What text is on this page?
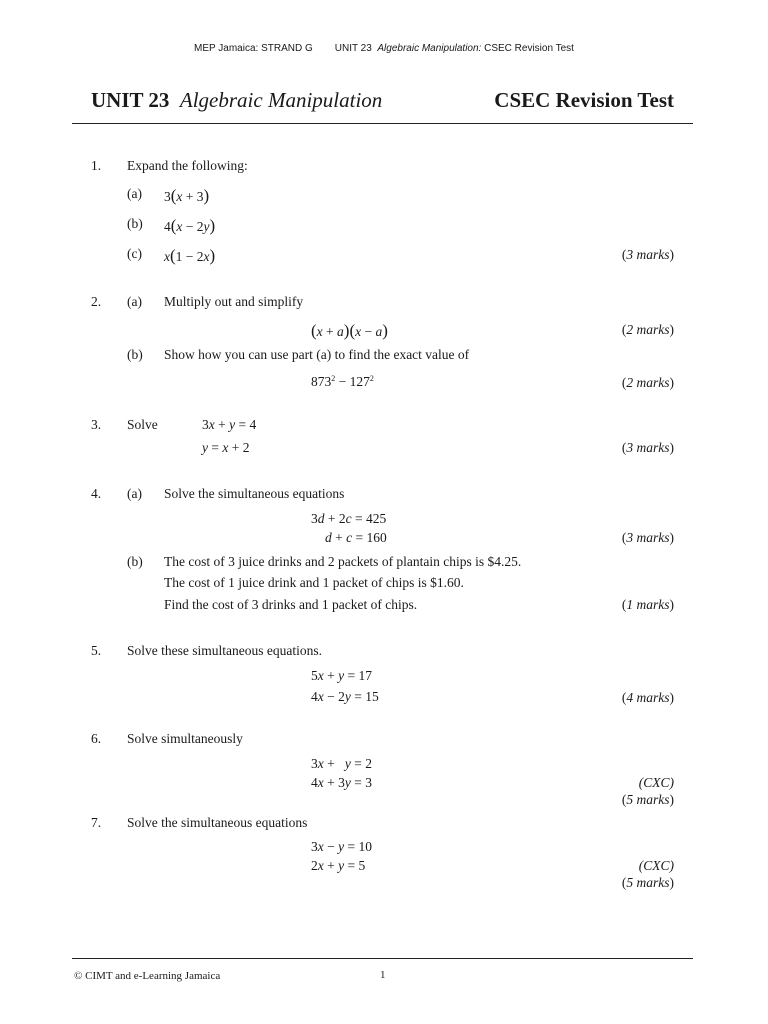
MEP Jamaica: STRAND G UNIT 23 Algebraic Manipulation: CSEC Revision Test
UNIT 23 Algebraic Manipulation	CSEC Revision Test
1. Expand the following:
(a) 3(x + 3)
(b) 4(x − 2y)
(c) x(1 − 2x)	(3 marks)
2. (a) Multiply out and simplify
(x + a)(x − a)	(2 marks)
(b) Show how you can use part (a) to find the exact value of
$873^2 - 127^2$	(2 marks)
3. Solve	3x + y = 4
y = x + 2	(3 marks)
4. (a) Solve the simultaneous equations
3d + 2c = 425
d + c = 160	(3 marks)
(b) The cost of 3 juice drinks and 2 packets of plantain chips is $4.25.
The cost of 1 juice drink and 1 packet of chips is $1.60.
Find the cost of 3 drinks and 1 packet of chips.	(1 marks)
5. Solve these simultaneous equations.
5x + y = 17
4x − 2y = 15	(4 marks)
6. Solve simultaneously
3x +   y = 2
4x + 3y = 3	(CXC)
(5 marks)
7. Solve the simultaneous equations
3x − y = 10
2x + y = 5	(CXC)
(5 marks)
© CIMT and e-Learning Jamaica	1
